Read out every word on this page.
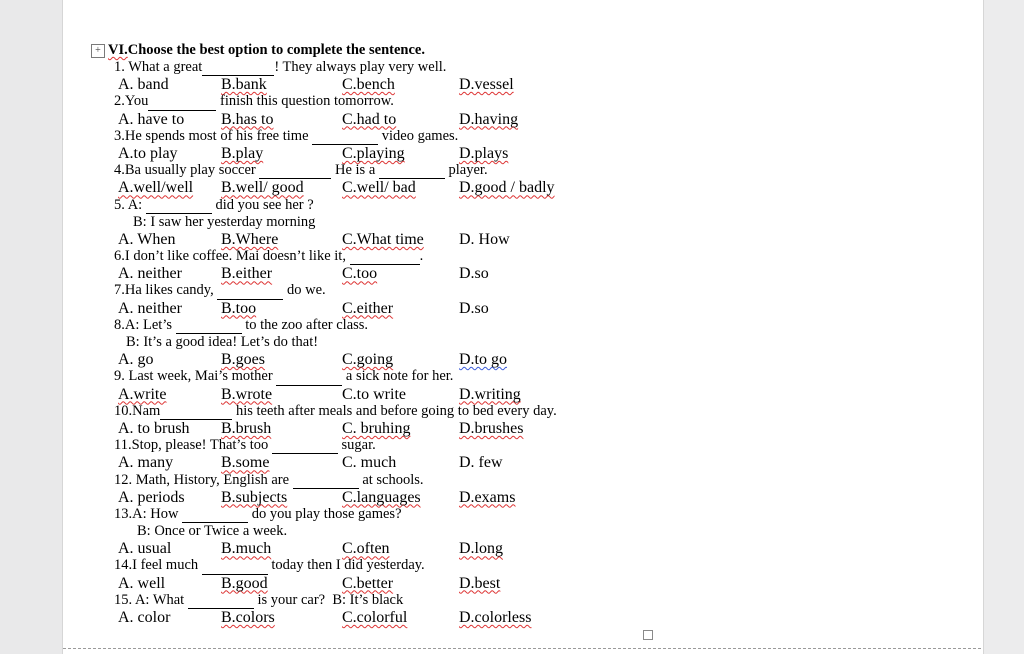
+ VI.Choose the best option to complete the sentence.
1. What a great	! They always play very well.
A. band	B.bank	C.bench	D.vessel
2.You	finish this question tomorrow.
A. have to B.has to	C.had to	D.having
3.He spends most of his free time	video games.
A.to play	B.play	C.playing	D.plays
4.Ba usually play soccer	He is a	player.
A.well/well B.well/ good C.well/ bad	D.good / badly
5. A:	did you see her ?
B: I saw her yesterday morning
A. When	B.Where	C.What time D. How
6.I don’t like coffee. Mai doesn’t like it,	.
A. neither B.either	C.too	D.so
7.Ha likes candy,	do we.
A. neither B.too	C.either	D.so
8.A: Let’s	to the zoo after class.
B: It’s a good idea! Let’s do that!
A. go	B.goes	C.going	D.to go
9. Last week, Mai’s mother	a sick note for her.
A.write	B.wrote	C.to write	D.writing
10.Nam	his teeth after meals and before going to bed every day.
A. to brush B.brush	C. bruhing	D.brushes
11.Stop, please! That’s too	sugar.
A. many	B.some	C. much	D. few
12. Math, History, English are	at schools.
A. periods B.subjects	C.languages D.exams
13.A: How	do you play those games?
B: Once or Twice a week.
A. usual	B.much	C.often	D.long
14.I feel much	today then I did yesterday.
A. well	B.good	C.better	D.best
15. A: What	is your car? B: It’s black
A. color	B.colors	C.colorful	D.colorless
